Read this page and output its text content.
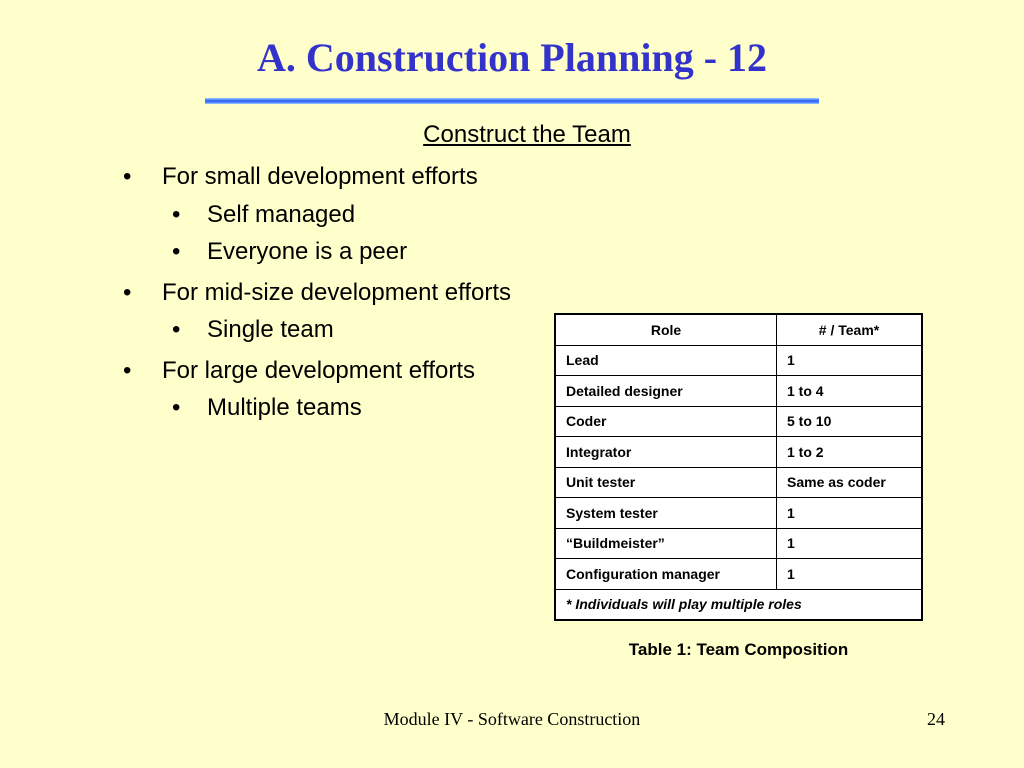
A. Construction Planning - 12
Construct the Team
• For small development efforts
• Self managed
• Everyone is a peer
• For mid-size development efforts
• Single team
• For large development efforts
• Multiple teams
Role	# / Team*
Lead	1
Detailed designer	1 to 4
Coder	5 to 10
Integrator	1 to 2
Unit tester	Same as coder
System tester	1
“Buildmeister”	1
Configuration manager	1
* Individuals will play multiple roles	
Table 1: Team Composition
Module IV - Software Construction	24
